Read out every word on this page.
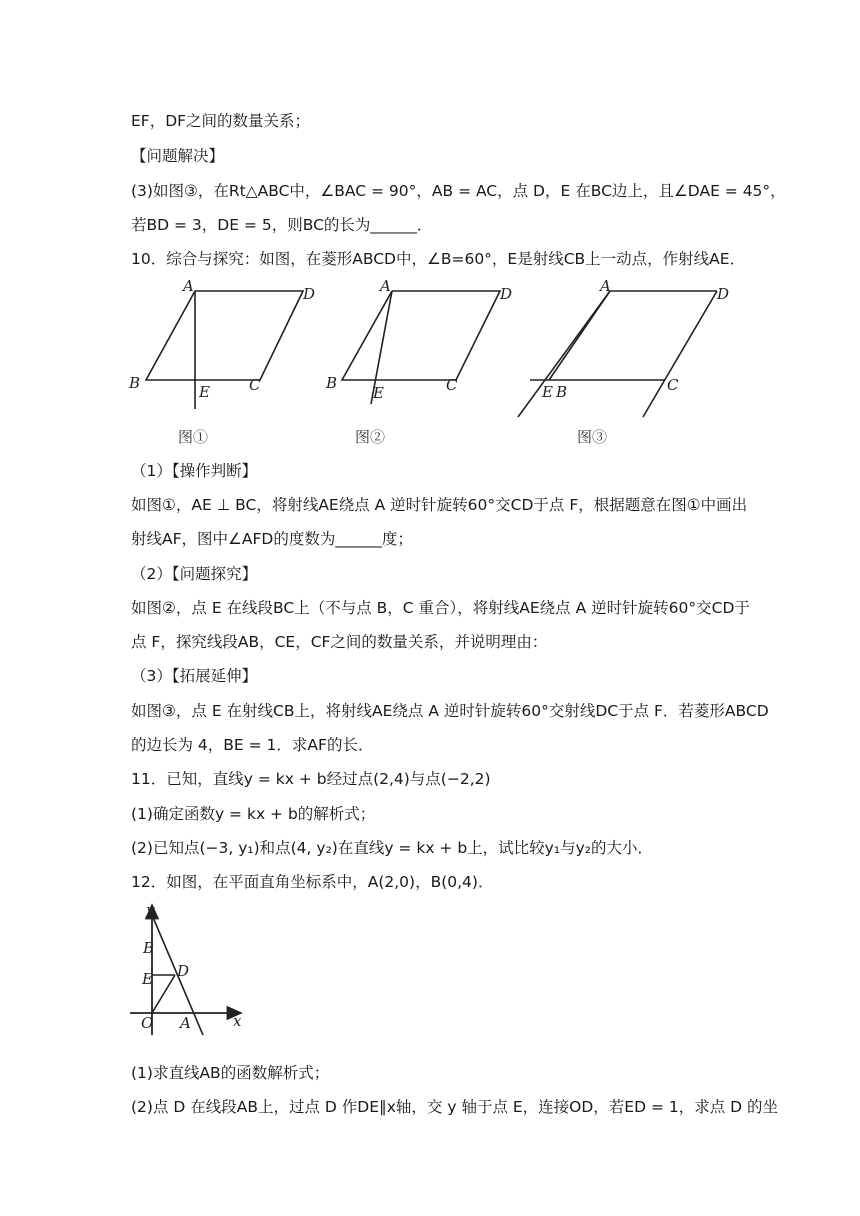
EF，DF之间的数量关系；
【问题解决】
(3)如图③，在Rt△ABC中，∠BAC = 90°，AB = AC，点 D，E 在BC边上，且∠DAE = 45°，
若BD = 3，DE = 5，则BC的长为______．
10．综合与探究：如图，在菱形ABCD中，∠B=60°，E是射线CB上一动点，作射线AE．
A	D
B	C
E
图①
A	D
B	C
E
图②
A	D
E B	C
图③
（1）【操作判断】
如图①，AE ⊥ BC，将射线AE绕点 A 逆时针旋转60°交CD于点 F，根据题意在图①中画出
射线AF，图中∠AFD的度数为______度；
（2）【问题探究】
如图②，点 E 在线段BC上（不与点 B，C 重合），将射线AE绕点 A 逆时针旋转60°交CD于
点 F，探究线段AB，CE，CF之间的数量关系，并说明理由：
（3）【拓展延伸】
如图③，点 E 在射线CB上，将射线AE绕点 A 逆时针旋转60°交射线DC于点 F．若菱形ABCD
的边长为 4，BE = 1．求AF的长．
11．已知，直线y = kx + b经过点(2,4)与点(−2,2)
(1)确定函数y = kx + b的解析式；
(2)已知点(−3, y₁)和点(4, y₂)在直线y = kx + b上，试比较y₁与y₂的大小．
12．如图，在平面直角坐标系中，A(2,0)，B(0,4)．
y
x
B
E D
O A
(1)求直线AB的函数解析式；
(2)点 D 在线段AB上，过点 D 作DE∥x轴，交 y 轴于点 E，连接OD，若ED = 1，求点 D 的坐
